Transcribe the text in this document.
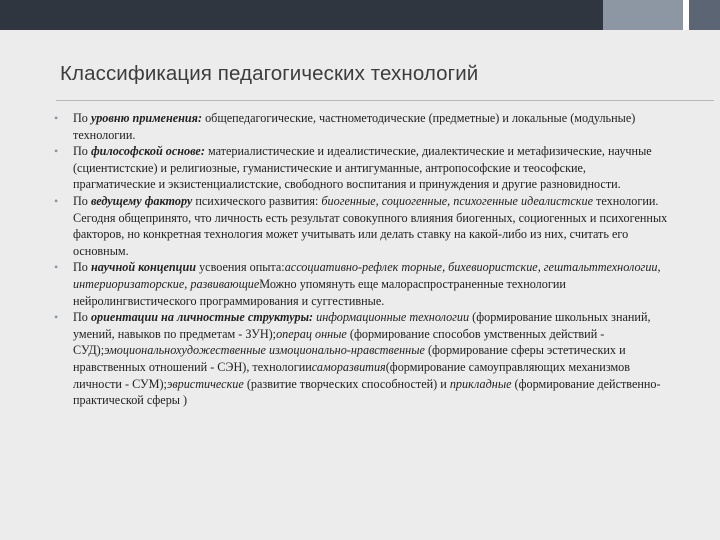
Классификация педагогических технологий
• По уровню применения: общепедагогические, частнометодические (предметные) и локальные (модульные) технологии.
• По философской основе: материалистические и идеалистические, диалектические и метафизические, научные (сциентистские) и религиозные, гуманистические и антигуманные, антропософские и теософские, прагматические и экзистенциалистские, свободного воспитания и принуждения и другие разновидности.
• По ведущему фактору психического развития: биогенные, социогенные, психогенные идеалистские технологии. Сегодня общепринято, что личность есть результат совокупного влияния биогенных, социогенных и психогенных факторов, но конкретная технология может учитывать или делать ставку на какой-либо из них, считать его основным.
• По научной концепции усвоения опыта:ассоциативно-рефлек торные, бихевиористские, гештальттехнологии, интериоризаторские, развивающиеМожно упомянуть еще малораспространенные технологии нейролингвистического программирования и суггестивные.
• По ориентации на личностные структуры: информационные технологии (формирование школьных знаний, умений, навыков по предметам - ЗУН);операц онные (формирование способов умственных действий - СУД);эмоциональнохудожественные измоционально-нравственные (формирование сферы эстетических и нравственных отношений - СЭН), технологиисаморазвития(формирование самоуправляющих механизмов личности - СУМ);эвристические (развитие творческих способностей) и прикладные (формирование действенно-практической сферы )
